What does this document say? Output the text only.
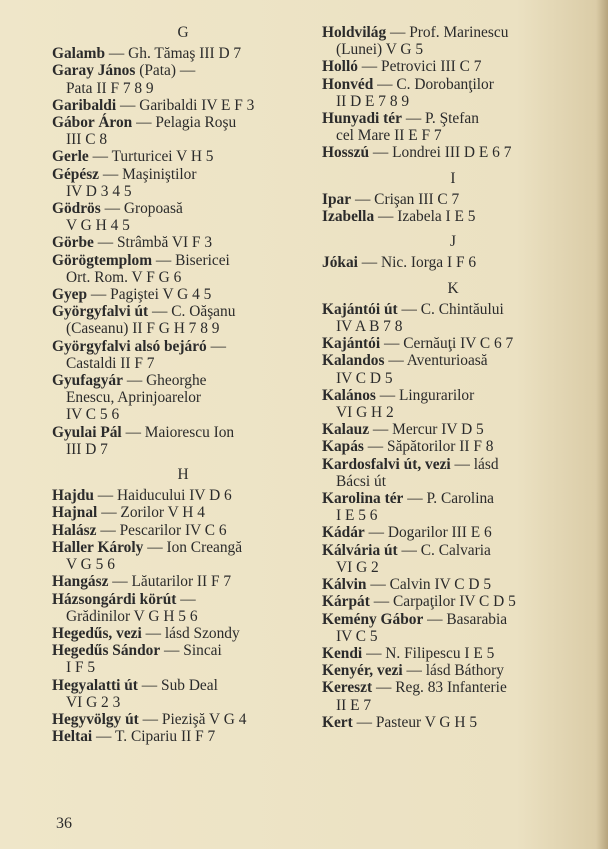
G
Galamb — Gh. Tămaş III D 7
Garay János (Pata) —
Pata II F 7 8 9
Garibaldi — Garibaldi IV E F 3
Gábor Áron — Pelagia Roşu
III C 8
Gerle — Turturicei V H 5
Gépész — Maşiniştilor
IV D 3 4 5
Gödrös — Gropoasă
V G H 4 5
Görbe — Strâmbă VI F 3
Görögtemplom — Bisericei
Ort. Rom. V F G 6
Gyep — Pagiştei V G 4 5
Györgyfalvi út — C. Oăşanu
(Caseanu) II F G H 7 8 9
Györgyfalvi alsó bejáró —
Castaldi II F 7
Gyufagyár — Gheorghe
Enescu, Aprinjoarelor
IV C 5 6
Gyulai Pál — Maiorescu Ion
III D 7
H
Hajdu — Haiducului IV D 6
Hajnal — Zorilor V H 4
Halász — Pescarilor IV C 6
Haller Károly — Ion Creangă
V G 5 6
Hangász — Lăutarilor II F 7
Házsongárdi körút —
Grădinilor V G H 5 6
Hegedűs, vezi — lásd Szondy
Hegedűs Sándor — Sincai
I F 5
Hegyalatti út — Sub Deal
VI G 2 3
Hegyvölgy út — Piezişă V G 4
Heltai — T. Cipariu II F 7
Holdvilág — Prof. Marinescu
(Lunei) V G 5
Holló — Petrovici III C 7
Honvéd — C. Dorobanţilor
II D E 7 8 9
Hunyadi tér — P. Ştefan
cel Mare II E F 7
Hosszú — Londrei III D E 6 7
I
Ipar — Crişan III C 7
Izabella — Izabela I E 5
J
Jókai — Nic. Iorga I F 6
K
Kajántói út — C. Chintăului
IV A B 7 8
Kajántói — Cernăuţi IV C 6 7
Kalandos — Aventurioasă
IV C D 5
Kalános — Lingurarilor
VI G H 2
Kalauz — Mercur IV D 5
Kapás — Săpătorilor II F 8
Kardosfalvi út, vezi — lásd
Bácsi út
Karolina tér — P. Carolina
I E 5 6
Kádár — Dogarilor III E 6
Kálvária út — C. Calvaria
VI G 2
Kálvin — Calvin IV C D 5
Kárpát — Carpaţilor IV C D 5
Kemény Gábor — Basarabia
IV C 5
Kendi — N. Filipescu I E 5
Kenyér, vezi — lásd Báthory
Kereszt — Reg. 83 Infanterie
II E 7
Kert — Pasteur V G H 5
36
